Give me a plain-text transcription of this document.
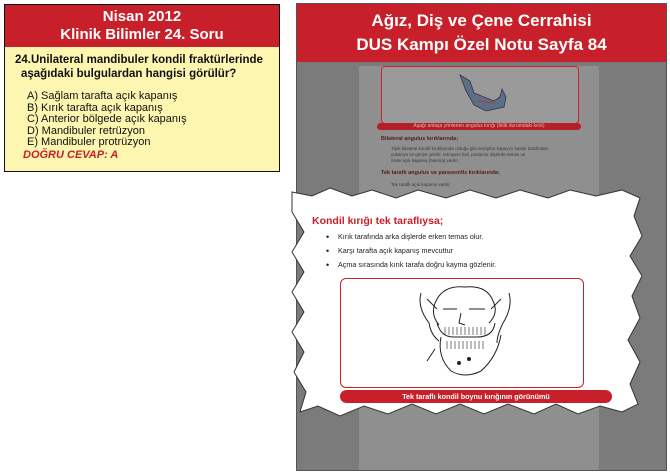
Nisan 2012
Klinik Bilimler 24. Soru
24.Unilateral mandibuler kondil fraktürlerinde
aşağıdaki bulgulardan hangisi görülür?
A) Sağlam tarafta açık kapanış
B) Kırık tarafta açık kapanış
C) Anterior bölgede açık kapanış
D) Mandibuler retrüzyon
E) Mandibuler protrüzyon
DOĞRU CEVAP: A
Ağız, Diş ve Çene Cerrahisi
DUS Kampı Özel Notu Sayfa 84
Aşağı anlaşa yönlenen angulus kırığı (bilâl durumdaki kırık)
Bilateral angulus kırıklarında;
Tipik bilateral kondil kırıklarında olduğu gibi semptlar kapayıcı kaslar tarafından
yukarıya ve geriye çekilir; retrogeni hali, posterior dişlerde temas ve
önde açık kapanış (basma) vardır.
Tek taraflı angulus ve parasemfiz kırıklarında;
Tek taraflı açık kapanış vardır.
Kondil kırığı tek taraflıysa;
• Kırık tarafında arka dişlerde erken temas olur.
• Karşı tarafta açık kapanış mevcuttur
• Açma sırasında kırık tarafa doğru kayma gözlenir.
Tek taraflı kondil boynu kırığının görünümü
